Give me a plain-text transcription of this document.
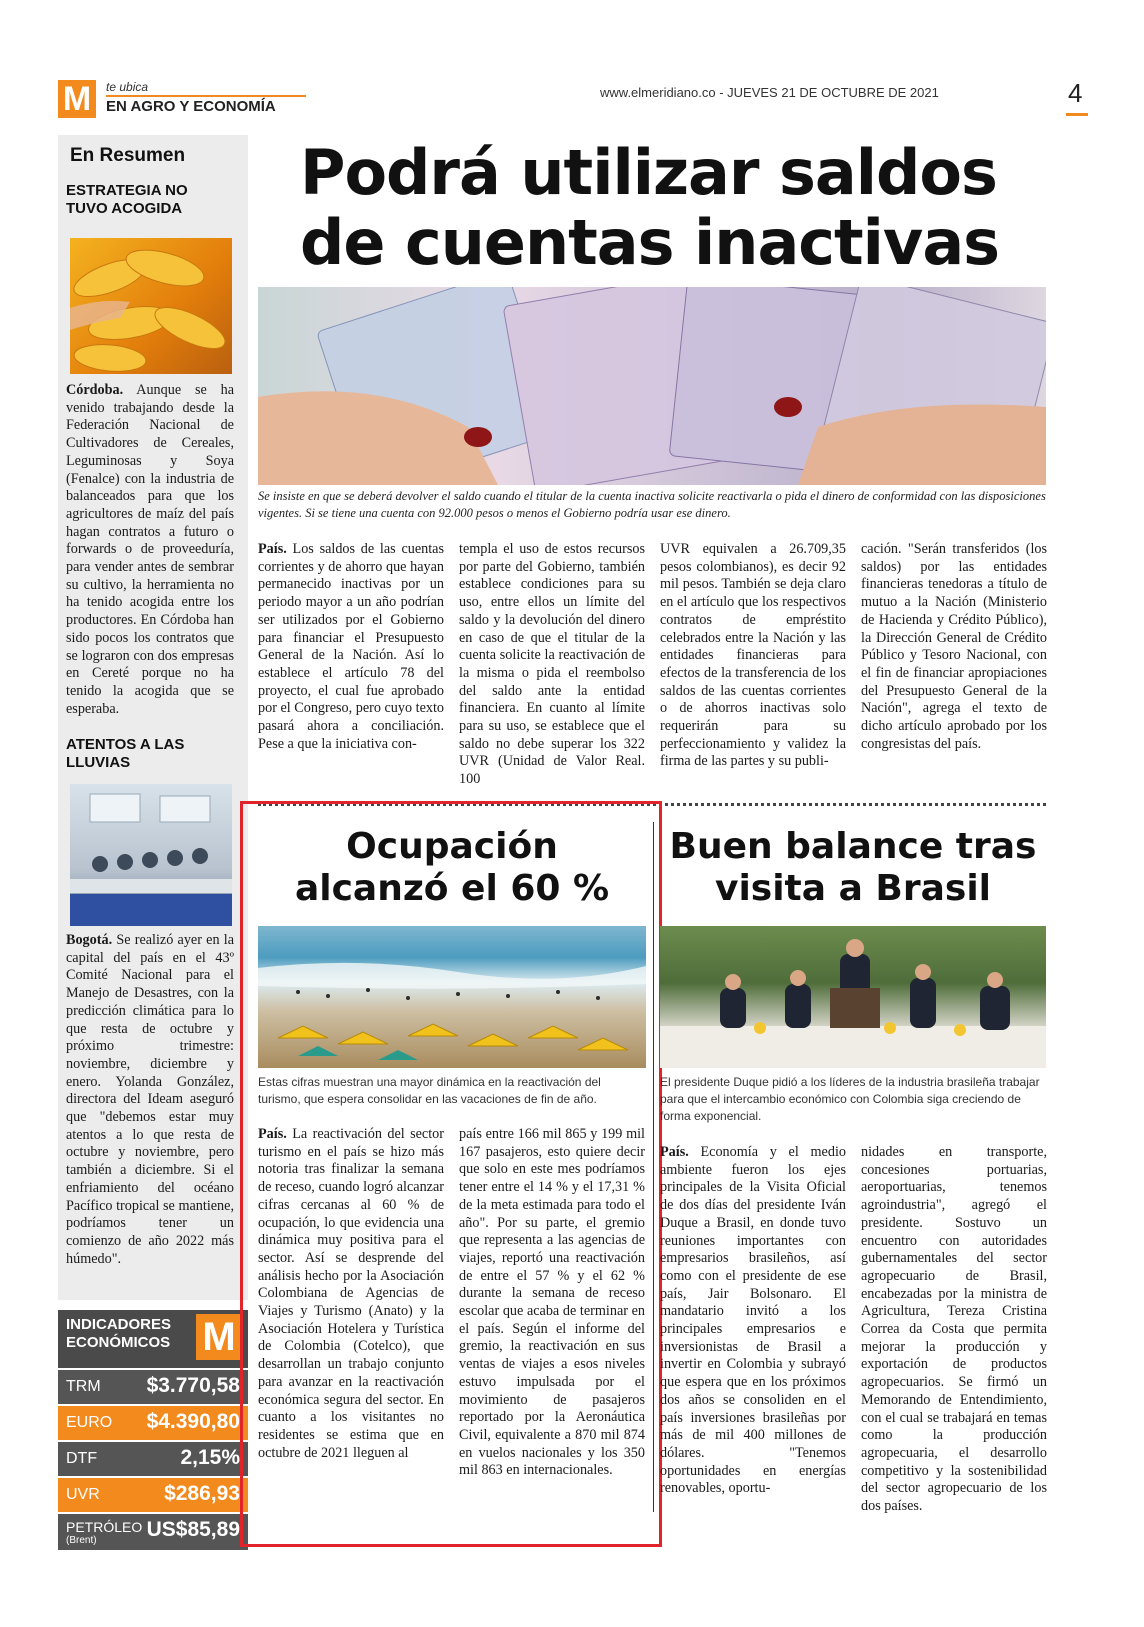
M	te ubica
EN AGRO Y ECONOMÍA
www.elmeridiano.co - JUEVES 21 DE OCTUBRE DE 2021	4
En Resumen
ESTRATEGIA NO TUVO ACOGIDA
Córdoba. Aunque se ha venido trabajando desde la Federación Nacional de Cultivadores de Cereales, Leguminosas y Soya (Fenalce) con la industria de balanceados para que los agricultores de maíz del país hagan contratos a futuro o forwards o de proveeduría, para vender antes de sembrar su cultivo, la herramienta no ha tenido acogida entre los productores. En Córdoba han sido pocos los contratos que se lograron con dos empresas en Cereté porque no ha tenido la acogida que se esperaba.
ATENTOS A LAS LLUVIAS
Bogotá. Se realizó ayer en la capital del país en el 43º Comité Nacional para el Manejo de Desastres, con la predicción climática para lo que resta de octubre y próximo trimestre: noviembre, diciembre y enero. Yolanda González, directora del Ideam aseguró que "debemos estar muy atentos a lo que resta de octubre y noviembre, pero también a diciembre. Si el enfriamiento del océano Pacífico tropical se mantiene, podríamos tener un comienzo de año 2022 más húmedo".
INDICADORES
ECONÓMICOS M
TRM $3.770,58
EURO $4.390,80
DTF	2,15%
UVR	$286,93
PETRÓLEO
(Brent) US$85,89
Podrá utilizar saldos
de cuentas inactivas
Se insiste en que se deberá devolver el saldo cuando el titular de la cuenta inactiva solicite reactivarla o pida el dinero de conformidad con las disposiciones vigentes. Si se tiene una cuenta con 92.000 pesos o menos el Gobierno podría usar ese dinero.
País. Los saldos de las cuentas corrientes y de ahorro que hayan permanecido inactivas por un periodo mayor a un año podrían ser utilizados por el Gobierno para financiar el Presupuesto General de la Nación. Así lo establece el artículo 78 del proyecto, el cual fue aprobado por el Congreso, pero cuyo texto pasará ahora a conciliación. Pese a que la iniciativa con-
templa el uso de estos recursos por parte del Gobierno, también establece condiciones para su uso, entre ellos un límite del saldo y la devolución del dinero en caso de que el titular de la cuenta solicite la reactivación de la misma o pida el reembolso del saldo ante la entidad financiera. En cuanto al límite para su uso, se establece que el saldo no debe superar los 322 UVR (Unidad de Valor Real. 100
UVR equivalen a 26.709,35 pesos colombianos), es decir 92 mil pesos. También se deja claro en el artículo que los respectivos contratos de empréstito celebrados entre la Nación y las entidades financieras para efectos de la transferencia de los saldos de las cuentas corrientes o de ahorros inactivas solo requerirán para su perfeccionamiento y validez la firma de las partes y su publi-
cación. "Serán transferidos (los saldos) por las entidades financieras tenedoras a título de mutuo a la Nación (Ministerio de Hacienda y Crédito Público), la Dirección General de Crédito Público y Tesoro Nacional, con el fin de financiar apropiaciones del Presupuesto General de la Nación", agrega el texto de dicho artículo aprobado por los congresistas del país.
Ocupación
alcanzó el 60 %
Estas cifras muestran una mayor dinámica en la reactivación del turismo, que espera consolidar en las vacaciones de fin de año.
País. La reactivación del sector turismo en el país se hizo más notoria tras finalizar la semana de receso, cuando logró alcanzar cifras cercanas al 60 % de ocupación, lo que evidencia una dinámica muy positiva para el sector. Así se desprende del análisis hecho por la Asociación Colombiana de Agencias de Viajes y Turismo (Anato) y la Asociación Hotelera y Turística de Colombia (Cotelco), que desarrollan un trabajo conjunto para avanzar en la reactivación económica segura del sector. En cuanto a los visitantes no residentes se estima que en octubre de 2021 lleguen al
país entre 166 mil 865 y 199 mil 167 pasajeros, esto quiere decir que solo en este mes podríamos tener entre el 14 % y el 17,31 % de la meta estimada para todo el año". Por su parte, el gremio que representa a las agencias de viajes, reportó una reactivación de entre el 57 % y el 62 % durante la semana de receso escolar que acaba de terminar en el país. Según el informe del gremio, la reactivación en sus ventas de viajes a esos niveles estuvo impulsada por el movimiento de pasajeros reportado por la Aeronáutica Civil, equivalente a 870 mil 874 en vuelos nacionales y los 350 mil 863 en internacionales.
Buen balance tras
visita a Brasil
El presidente Duque pidió a los líderes de la industria brasileña trabajar para que el intercambio económico con Colombia siga creciendo de forma exponencial.
País. Economía y el medio ambiente fueron los ejes principales de la Visita Oficial de dos días del presidente Iván Duque a Brasil, en donde tuvo reuniones importantes con empresarios brasileños, así como con el presidente de ese país, Jair Bolsonaro. El mandatario invitó a los principales empresarios e inversionistas de Brasil a invertir en Colombia y subrayó que espera que en los próximos dos años se consoliden en el país inversiones brasileñas por más de mil 400 millones de dólares. "Tenemos oportunidades en energías renovables, oportu-
nidades en transporte, concesiones portuarias, aeroportuarias, tenemos agroindustria", agregó el presidente. Sostuvo un encuentro con autoridades gubernamentales del sector agropecuario de Brasil, encabezadas por la ministra de Agricultura, Tereza Cristina Correa da Costa que permita mejorar la producción y exportación de productos agropecuarios. Se firmó un Memorando de Entendimiento, con el cual se trabajará en temas como la producción agropecuaria, el desarrollo competitivo y la sostenibilidad del sector agropecuario de los dos países.
